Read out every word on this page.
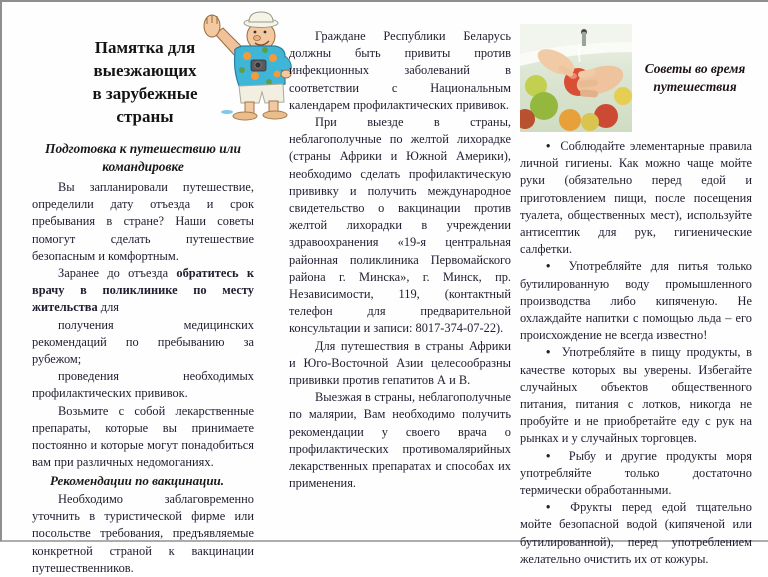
Памятка для
выезжающих
в зарубежные
страны
Подготовка к путешествию или командировке

Вы запланировали путешествие, определили дату отъезда и срок пребывания в стране? Наши советы помогут сделать путешествие безопасным и комфортным.

Заранее до отъезда обратитесь к врачу в поликлинике по месту жительства для

получения медицинских рекомендаций по пребыванию за рубежом;

проведения необходимых профилактических прививок.

Возьмите с собой лекарственные препараты, которые вы принимаете постоянно и которые могут понадобиться вам при различных недомоганиях.

Рекомендации по вакцинации.

Необходимо заблаговременно уточнить в туристической фирме или посольстве требования, предъявляемые конкретной страной к вакцинации путешественников.

Граждане Республики Беларусь должны быть привиты против инфекционных заболеваний в соответствии с Национальным календарем профилактических прививок.

При выезде в страны, неблагополучные по желтой лихорадке (страны Африки и Южной Америки), необходимо сделать профилактическую прививку и получить международное свидетельство о вакцинации против желтой лихорадки в учреждении здравоохранения «19-я центральная районная поликлиника Первомайского района г. Минска», г. Минск, пр. Независимости, 119, (контактный телефон для предварительной консультации и записи: 8017-374-07-22).

Для путешествия в страны Африки и Юго-Восточной Азии целесообразны прививки против гепатитов А и В.

Выезжая в страны, неблагополучные по малярии, Вам необходимо получить рекомендации у своего врача о профилактических противомалярийных лекарственных препаратах и способах их применения.

Советы во время путешествия

• Соблюдайте элементарные правила личной гигиены. Как можно чаще мойте руки (обязательно перед едой и приготовлением пищи, после посещения туалета, общественных мест), используйте антисептик для рук, гигиенические салфетки.

• Употребляйте для питья только бутилированную воду промышленного производства либо кипяченую. Не охлаждайте напитки с помощью льда – его происхождение не всегда известно!

• Употребляйте в пищу продукты, в качестве которых вы уверены. Избегайте случайных объектов общественного питания, питания с лотков, никогда не пробуйте и не приобретайте еду с рук на рынках и у случайных торговцев.

• Рыбу и другие продукты моря употребляйте только достаточно термически обработанными.

• Фрукты перед едой тщательно мойте безопасной водой (кипяченой или бутилированной), перед употреблением желательно очистить их от кожуры.
